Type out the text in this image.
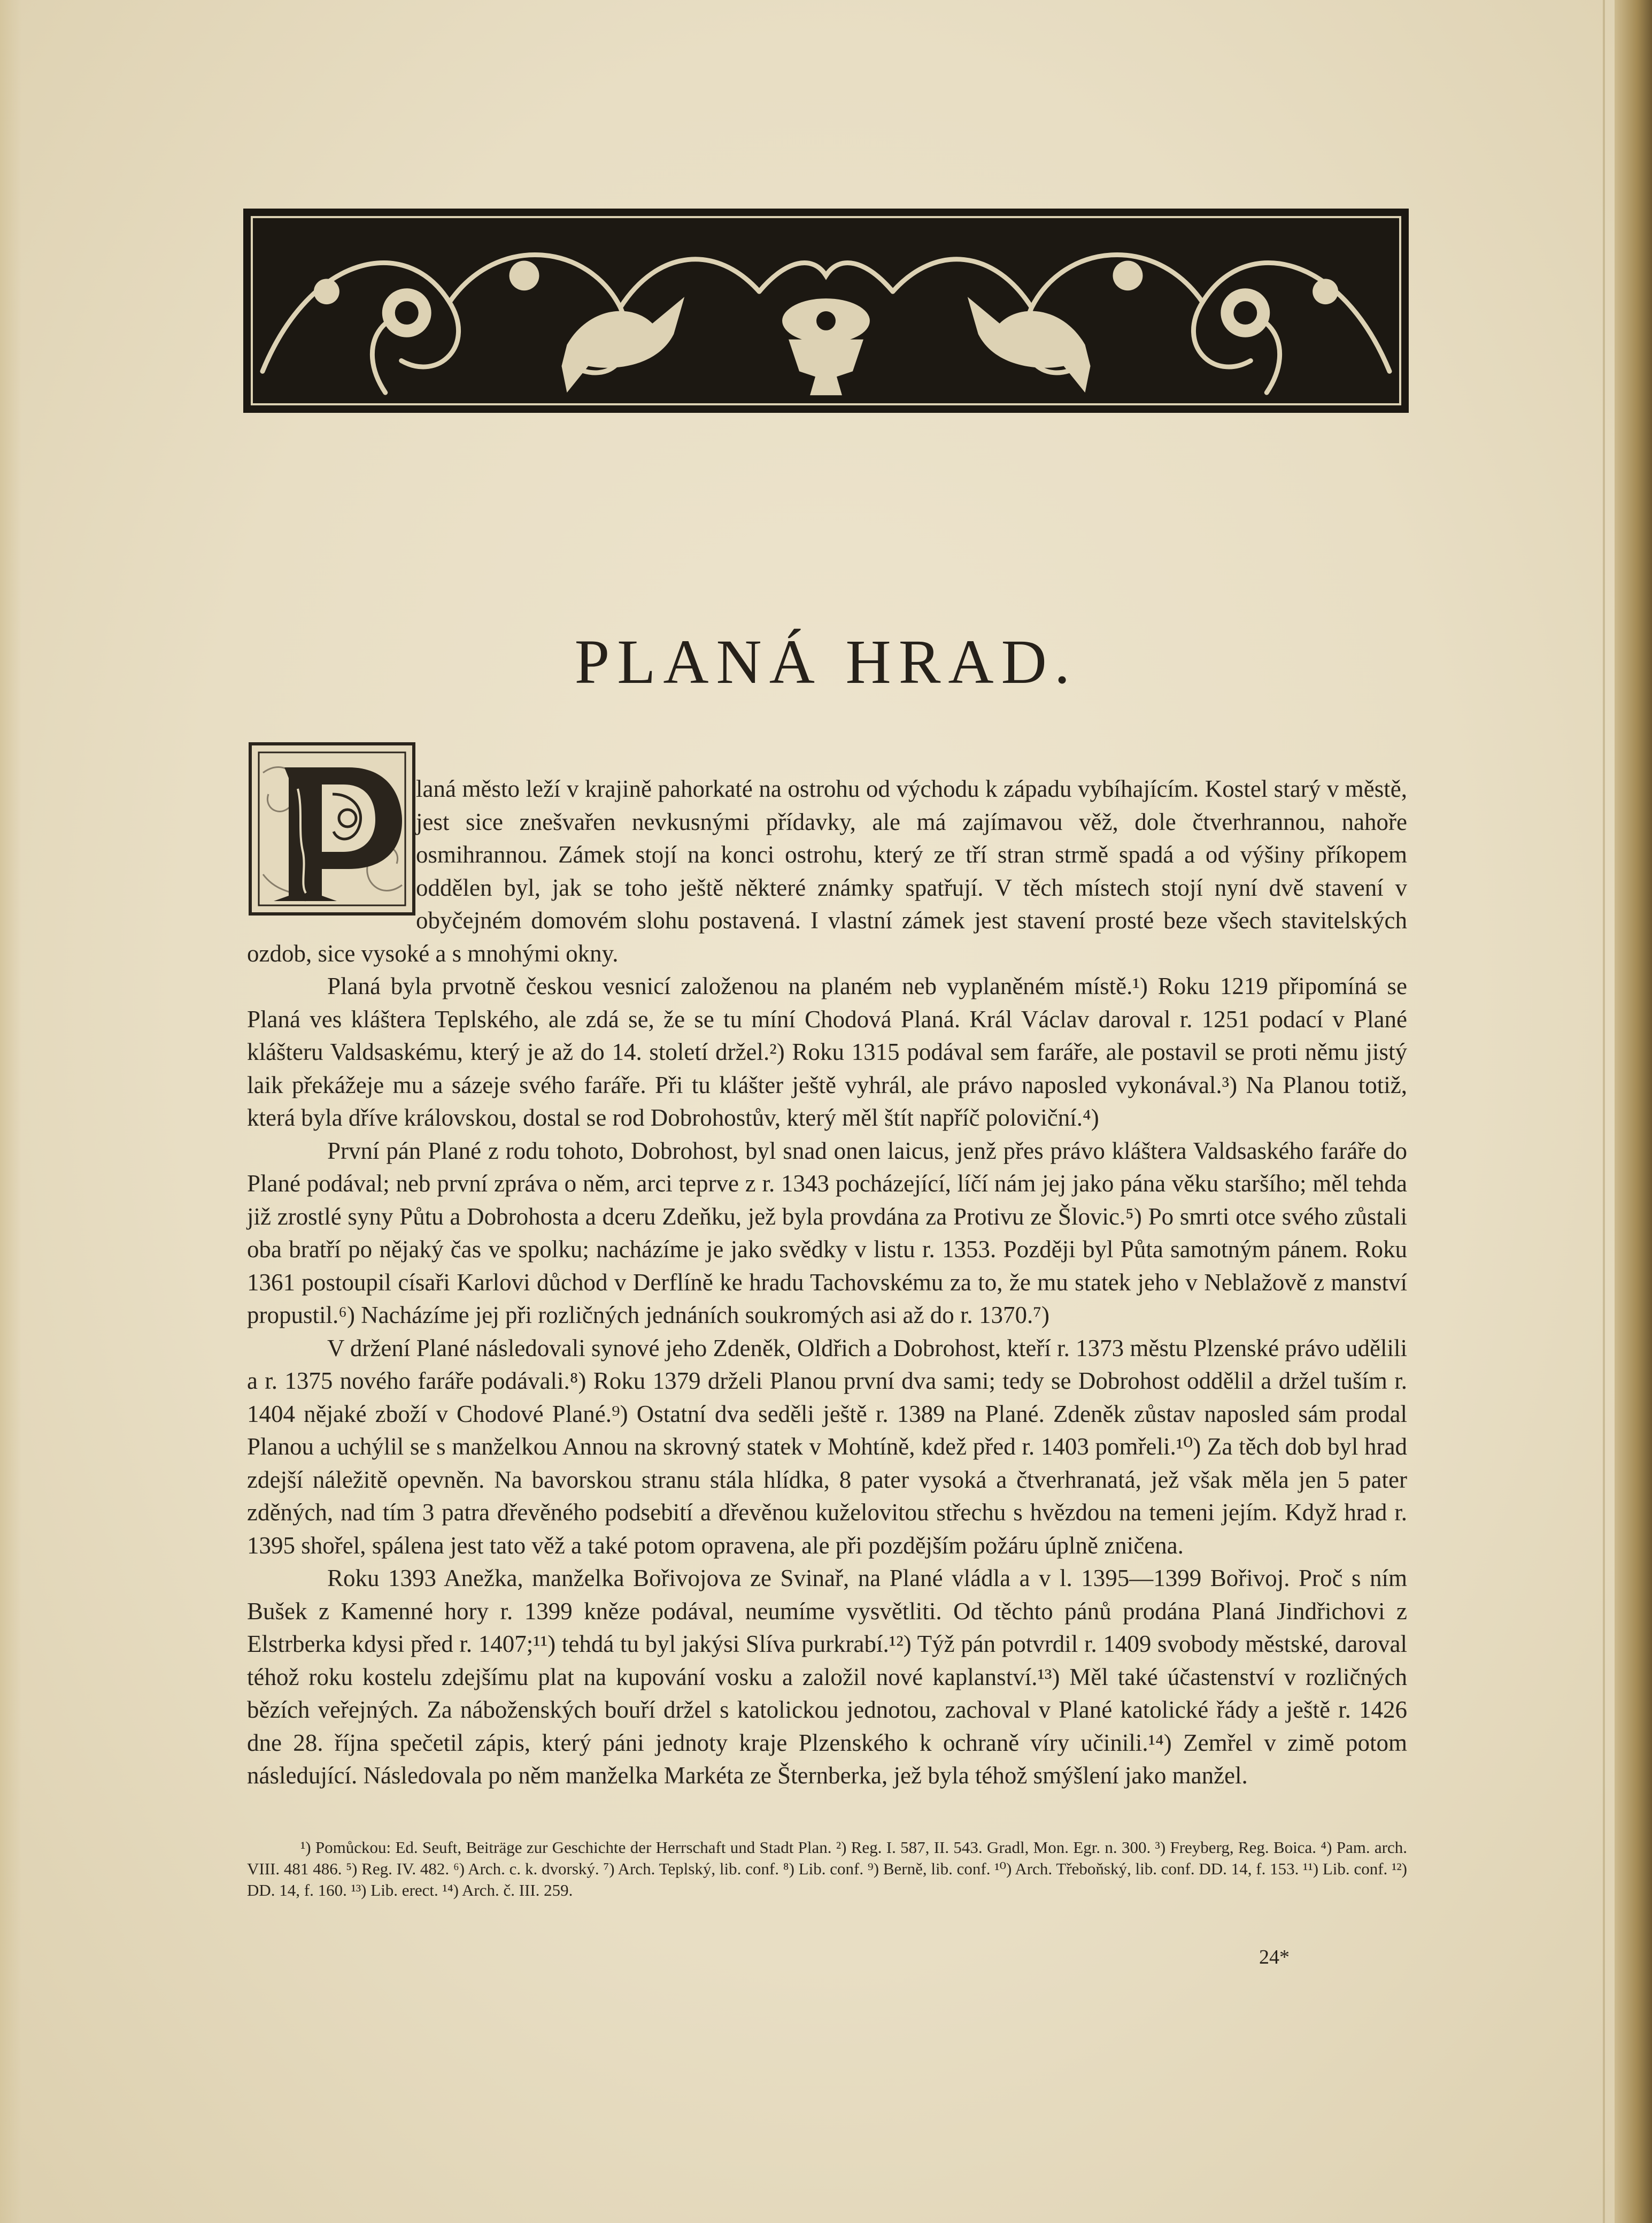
PLANÁ HRAD.

laná město leží v krajině pahorkaté na ostrohu od východu k západu vybíhajícím. Kostel starý v městě, jest sice znešvařen nevkusnými přídavky, ale má zajímavou věž, dole čtverhrannou, nahoře osmihrannou. Zámek stojí na konci ostrohu, který ze tří stran strmě spadá a od výšiny příkopem oddělen byl, jak se toho ještě některé známky spatřují. V těch místech stojí nyní dvě stavení v obyčejném domovém slohu postavená. I vlastní zámek jest stavení prosté beze všech stavitelských ozdob, sice vysoké a s mnohými okny.

Planá byla prvotně českou vesnicí založenou na planém neb vyplaněném místě.¹) Roku 1219 připomíná se Planá ves kláštera Teplského, ale zdá se, že se tu míní Chodová Planá. Král Václav daroval r. 1251 podací v Plané klášteru Valdsaskému, který je až do 14. století držel.²) Roku 1315 podával sem faráře, ale postavil se proti němu jistý laik překážeje mu a sázeje svého faráře. Při tu klášter ještě vyhrál, ale právo naposled vykonával.³) Na Planou totiž, která byla dříve královskou, dostal se rod Dobrohostův, který měl štít napříč poloviční.⁴)

První pán Plané z rodu tohoto, Dobrohost, byl snad onen laicus, jenž přes právo kláštera Valdsaského faráře do Plané podával; neb první zpráva o něm, arci teprve z r. 1343 pocházející, líčí nám jej jako pána věku staršího; měl tehda již zrostlé syny Půtu a Dobrohosta a dceru Zdeňku, jež byla provdána za Protivu ze Šlovic.⁵) Po smrti otce svého zůstali oba bratří po nějaký čas ve spolku; nacházíme je jako svědky v listu r. 1353. Později byl Půta samotným pánem. Roku 1361 postoupil císaři Karlovi důchod v Derflíně ke hradu Tachovskému za to, že mu statek jeho v Neblažově z manství propustil.⁶) Nacházíme jej při rozličných jednáních soukromých asi až do r. 1370.⁷)

V držení Plané následovali synové jeho Zdeněk, Oldřich a Dobrohost, kteří r. 1373 městu Plzenské právo udělili a r. 1375 nového faráře podávali.⁸) Roku 1379 drželi Planou první dva sami; tedy se Dobrohost oddělil a držel tuším r. 1404 nějaké zboží v Chodové Plané.⁹) Ostatní dva seděli ještě r. 1389 na Plané. Zdeněk zůstav naposled sám prodal Planou a uchýlil se s manželkou Annou na skrovný statek v Mohtíně, kdež před r. 1403 pomřeli.¹⁰) Za těch dob byl hrad zdejší náležitě opevněn. Na bavorskou stranu stála hlídka, 8 pater vysoká a čtverhranatá, jež však měla jen 5 pater zděných, nad tím 3 patra dřevěného podsebití a dřevěnou kuželovitou střechu s hvězdou na temeni jejím. Když hrad r. 1395 shořel, spálena jest tato věž a také potom opravena, ale při pozdějším požáru úplně zničena.

Roku 1393 Anežka, manželka Bořivojova ze Svinař, na Plané vládla a v l. 1395—1399 Bořivoj. Proč s ním Bušek z Kamenné hory r. 1399 kněze podával, neumíme vysvětliti. Od těchto pánů prodána Planá Jindřichovi z Elstrberka kdysi před r. 1407;¹¹) tehdá tu byl jakýsi Slíva purkrabí.¹²) Týž pán potvrdil r. 1409 svobody městské, daroval téhož roku kostelu zdejšímu plat na kupování vosku a založil nové kaplanství.¹³) Měl také účastenství v rozličných bězích veřejných. Za náboženských bouří držel s katolickou jednotou, zachoval v Plané katolické řády a ještě r. 1426 dne 28. října spečetil zápis, který páni jednoty kraje Plzenského k ochraně víry učinili.¹⁴) Zemřel v zimě potom následující. Následovala po něm manželka Markéta ze Šternberka, jež byla téhož smýšlení jako manžel.

¹) Pomůckou: Ed. Seuft, Beiträge zur Geschichte der Herrschaft und Stadt Plan. ²) Reg. I. 587, II. 543. Gradl, Mon. Egr. n. 300. ³) Freyberg, Reg. Boica. ⁴) Pam. arch. VIII. 481 486. ⁵) Reg. IV. 482. ⁶) Arch. c. k. dvorský. ⁷) Arch. Teplský, lib. conf. ⁸) Lib. conf. ⁹) Berně, lib. conf. ¹⁰) Arch. Třeboňský, lib. conf. DD. 14, f. 153. ¹¹) Lib. conf. ¹²) DD. 14, f. 160. ¹³) Lib. erect. ¹⁴) Arch. č. III. 259.

24*
